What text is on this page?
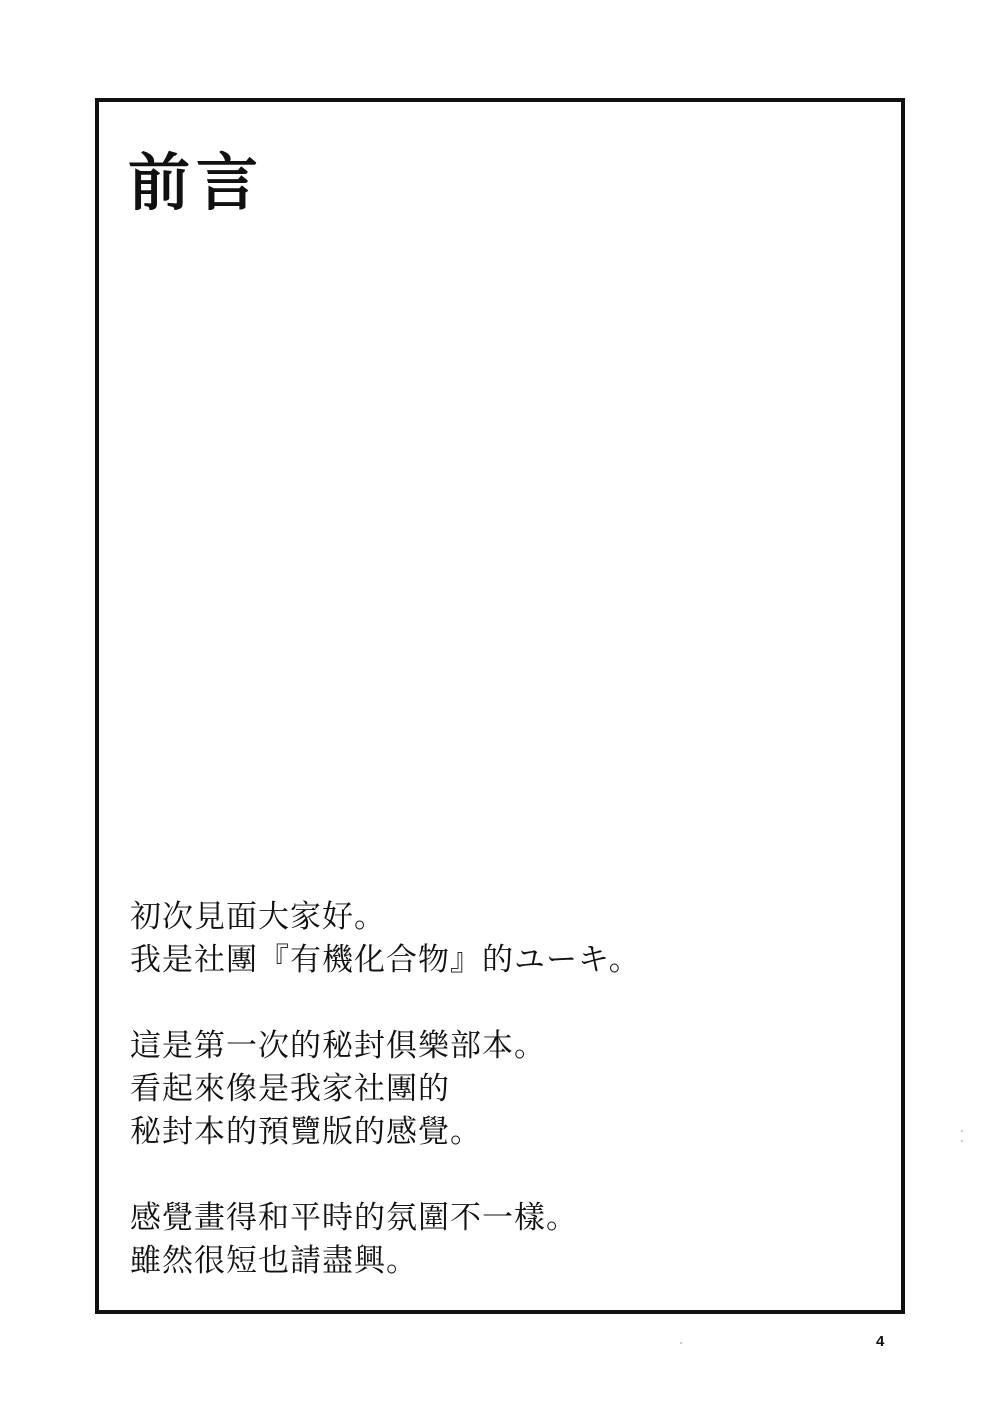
前言

初次見面大家好。
我是社團『有機化合物』的ユーキ。

這是第一次的秘封俱樂部本。
看起來像是我家社團的
秘封本的預覽版的感覺。

感覺畫得和平時的氛圍不一樣。
雖然很短也請盡興。

4
